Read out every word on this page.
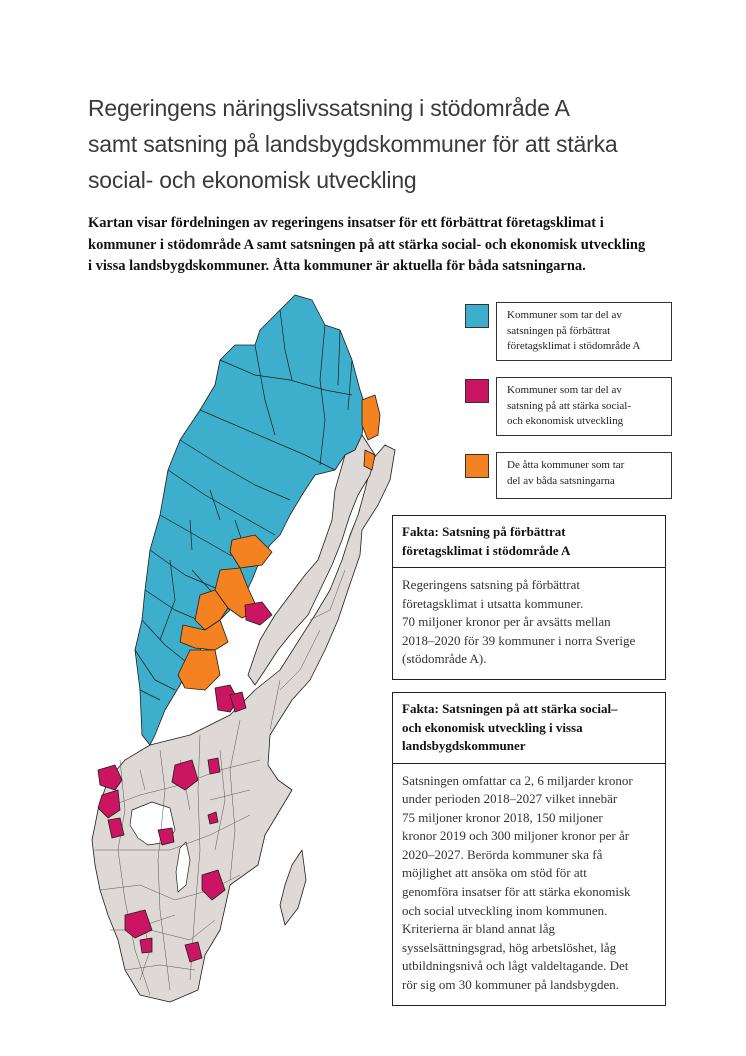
Regeringens näringslivssatsning i stödområde A
samt satsning på landsbygdskommuner för att stärka
social- och ekonomisk utveckling
Kartan visar fördelningen av regeringens insatser för ett förbättrat företagsklimat i kommuner i stödområde A samt satsningen på att stärka social- och ekonomisk utveckling i vissa landsbygdskommuner. Åtta kommuner är aktuella för båda satsningarna.
Kommuner som tar del av
satsningen på förbättrat
företagsklimat i stödområde A
Kommuner som tar del av
satsning på att stärka social-
och ekonomisk utveckling
De åtta kommuner som tar
del av båda satsningarna
Fakta: Satsning på förbättrat
företagsklimat i stödområde A
Regeringens satsning på förbättrat
företagsklimat i utsatta kommuner.
70 miljoner kronor per år avsätts mellan
2018–2020 för 39 kommuner i norra Sverige
(stödområde A).
Fakta: Satsningen på att stärka social–
och ekonomisk utveckling i vissa
landsbygdskommuner
Satsningen omfattar ca 2, 6 miljarder kronor
under perioden 2018–2027 vilket innebär
75 miljoner kronor 2018, 150 miljoner
kronor 2019 och 300 miljoner kronor per år
2020–2027. Berörda kommuner ska få
möjlighet att ansöka om stöd för att
genomföra insatser för att stärka ekonomisk
och social utveckling inom kommunen.
Kriterierna är bland annat låg
sysselsättningsgrad, hög arbetslöshet, låg
utbildningsnivå och lågt valdeltagande. Det
rör sig om 30 kommuner på landsbygden.
